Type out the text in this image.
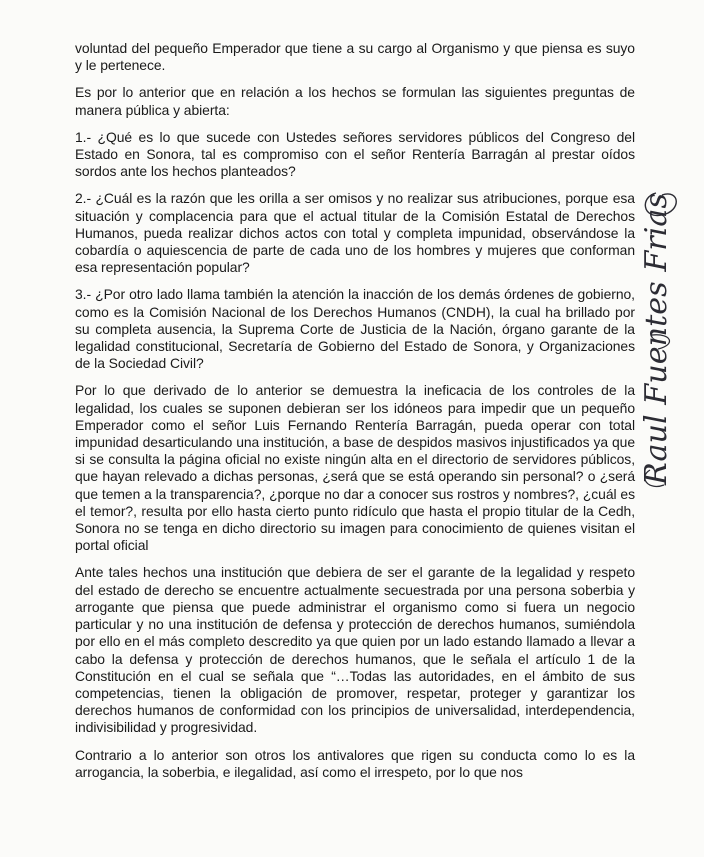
voluntad del pequeño Emperador que tiene a su cargo al Organismo y que piensa es suyo y le pertenece.

Es por lo anterior que en relación a los hechos se formulan las siguientes preguntas de manera pública y abierta:

1.- ¿Qué es lo que sucede con Ustedes señores servidores públicos del Congreso del Estado en Sonora, tal es compromiso con el señor Rentería Barragán al prestar oídos sordos ante los hechos planteados?

2.- ¿Cuál es la razón que les orilla a ser omisos y no realizar sus atribuciones, porque esa situación y complacencia para que el actual titular de la Comisión Estatal de Derechos Humanos, pueda realizar dichos actos con total y completa impunidad, observándose la cobardía o aquiescencia de parte de cada uno de los hombres y mujeres que conforman esa representación popular?

3.- ¿Por otro lado llama también la atención la inacción de los demás órdenes de gobierno, como es la Comisión Nacional de los Derechos Humanos (CNDH), la cual ha brillado por su completa ausencia, la Suprema Corte de Justicia de la Nación, órgano garante de la legalidad constitucional, Secretaría de Gobierno del Estado de Sonora, y Organizaciones de la Sociedad Civil?

Por lo que derivado de lo anterior se demuestra la ineficacia de los controles de la legalidad, los cuales se suponen debieran ser los idóneos para impedir que un pequeño Emperador como el señor Luis Fernando Rentería Barragán, pueda operar con total impunidad desarticulando una institución, a base de despidos masivos injustificados ya que si se consulta la página oficial no existe ningún alta en el directorio de servidores públicos, que hayan relevado a dichas personas, ¿será que se está operando sin personal? o ¿será que temen a la transparencia?, ¿porque no dar a conocer sus rostros y nombres?, ¿cuál es el temor?, resulta por ello hasta cierto punto ridículo que hasta el propio titular de la Cedh, Sonora no se tenga en dicho directorio su imagen para conocimiento de quienes visitan el portal oficial

Ante tales hechos una institución que debiera de ser el garante de la legalidad y respeto del estado de derecho se encuentre actualmente secuestrada por una persona soberbia y arrogante que piensa que puede administrar el organismo como si fuera un negocio particular y no una institución de defensa y protección de derechos humanos, sumiéndola por ello en el más completo descredito ya que quien por un lado estando llamado a llevar a cabo la defensa y protección de derechos humanos, que le señala el artículo 1 de la Constitución en el cual se señala que “…Todas las autoridades, en el ámbito de sus competencias, tienen la obligación de promover, respetar, proteger y garantizar los derechos humanos de conformidad con los principios de universalidad, interdependencia, indivisibilidad y progresividad.

Contrario a lo anterior son otros los antivalores que rigen su conducta como lo es la arrogancia, la soberbia, e ilegalidad, así como el irrespeto, por lo que nos

Raul Fuentes Frias
